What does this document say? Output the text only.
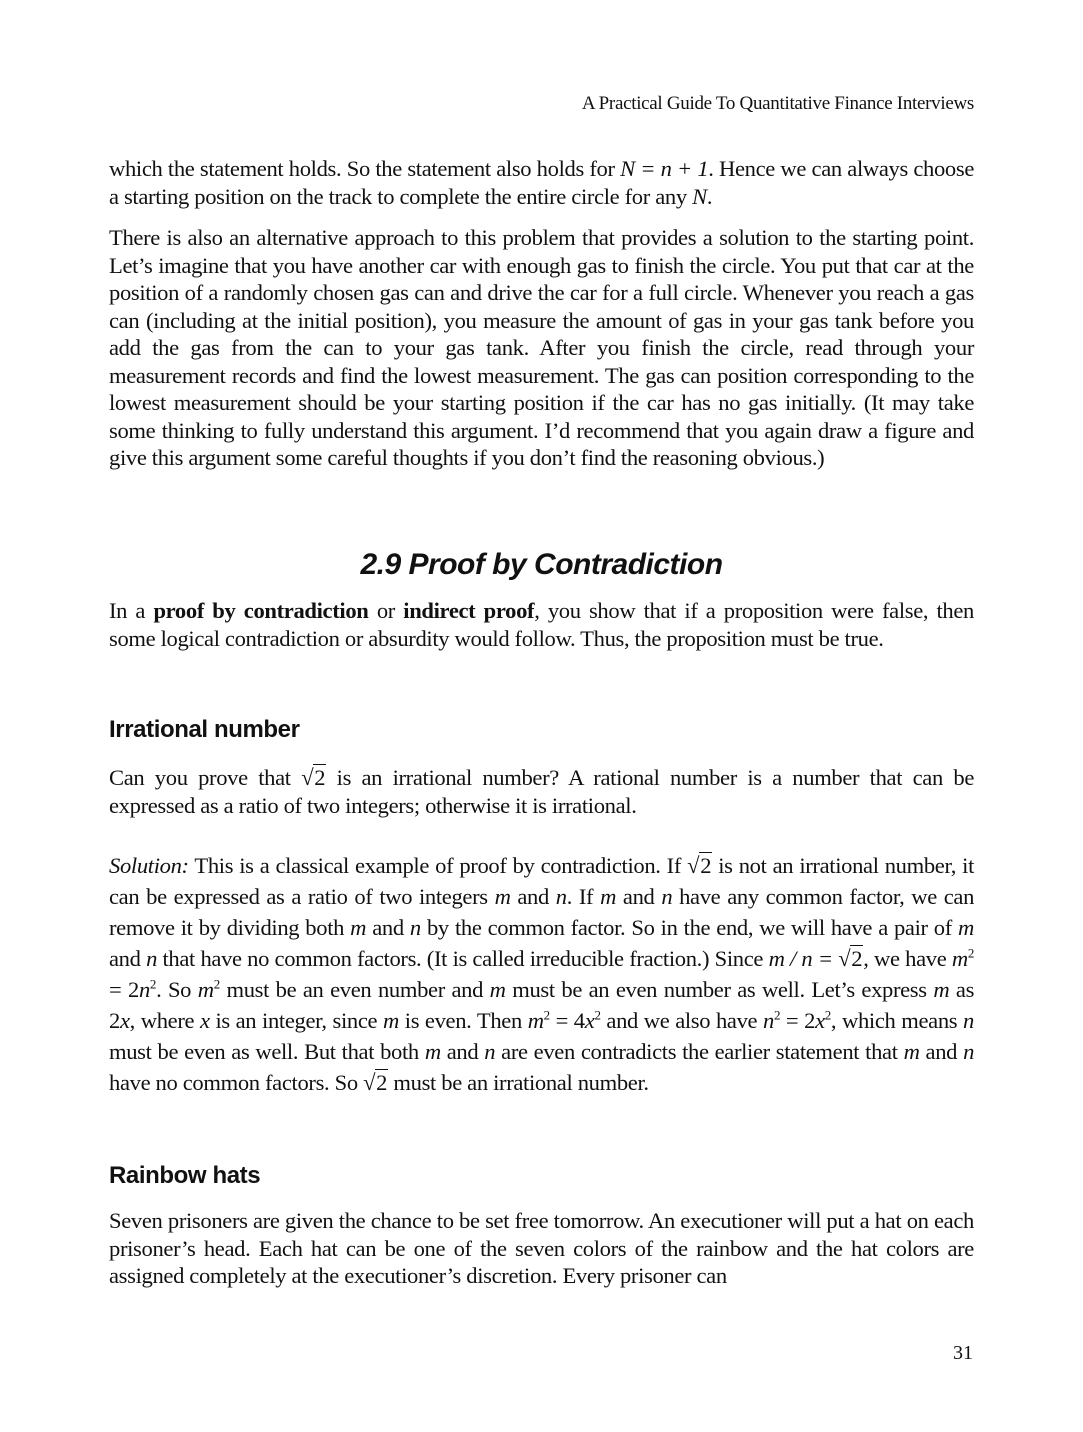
A Practical Guide To Quantitative Finance Interviews

which the statement holds. So the statement also holds for N = n + 1. Hence we can always choose a starting position on the track to complete the entire circle for any N.

There is also an alternative approach to this problem that provides a solution to the starting point. Let’s imagine that you have another car with enough gas to finish the circle. You put that car at the position of a randomly chosen gas can and drive the car for a full circle. Whenever you reach a gas can (including at the initial position), you measure the amount of gas in your gas tank before you add the gas from the can to your gas tank. After you finish the circle, read through your measurement records and find the lowest measurement. The gas can position corresponding to the lowest measurement should be your starting position if the car has no gas initially. (It may take some thinking to fully understand this argument. I’d recommend that you again draw a figure and give this argument some careful thoughts if you don’t find the reasoning obvious.)

2.9 Proof by Contradiction

In a proof by contradiction or indirect proof, you show that if a proposition were false, then some logical contradiction or absurdity would follow. Thus, the proposition must be true.

Irrational number

Can you prove that √2 is an irrational number? A rational number is a number that can be expressed as a ratio of two integers; otherwise it is irrational.

Solution: This is a classical example of proof by contradiction. If √2 is not an irrational number, it can be expressed as a ratio of two integers m and n. If m and n have any common factor, we can remove it by dividing both m and n by the common factor. So in the end, we will have a pair of m and n that have no common factors. (It is called irreducible fraction.) Since m / n = √2, we have $m^2 = 2n^2$. So $m^2$ must be an even number and m must be an even number as well. Let’s express m as 2x, where x is an integer, since m is even. Then $m^2 = 4x^2$ and we also have $n^2 = 2x^2$, which means n must be even as well. But that both m and n are even contradicts the earlier statement that m and n have no common factors. So √2 must be an irrational number.

Rainbow hats

Seven prisoners are given the chance to be set free tomorrow. An executioner will put a hat on each prisoner’s head. Each hat can be one of the seven colors of the rainbow and the hat colors are assigned completely at the executioner’s discretion. Every prisoner can

31
